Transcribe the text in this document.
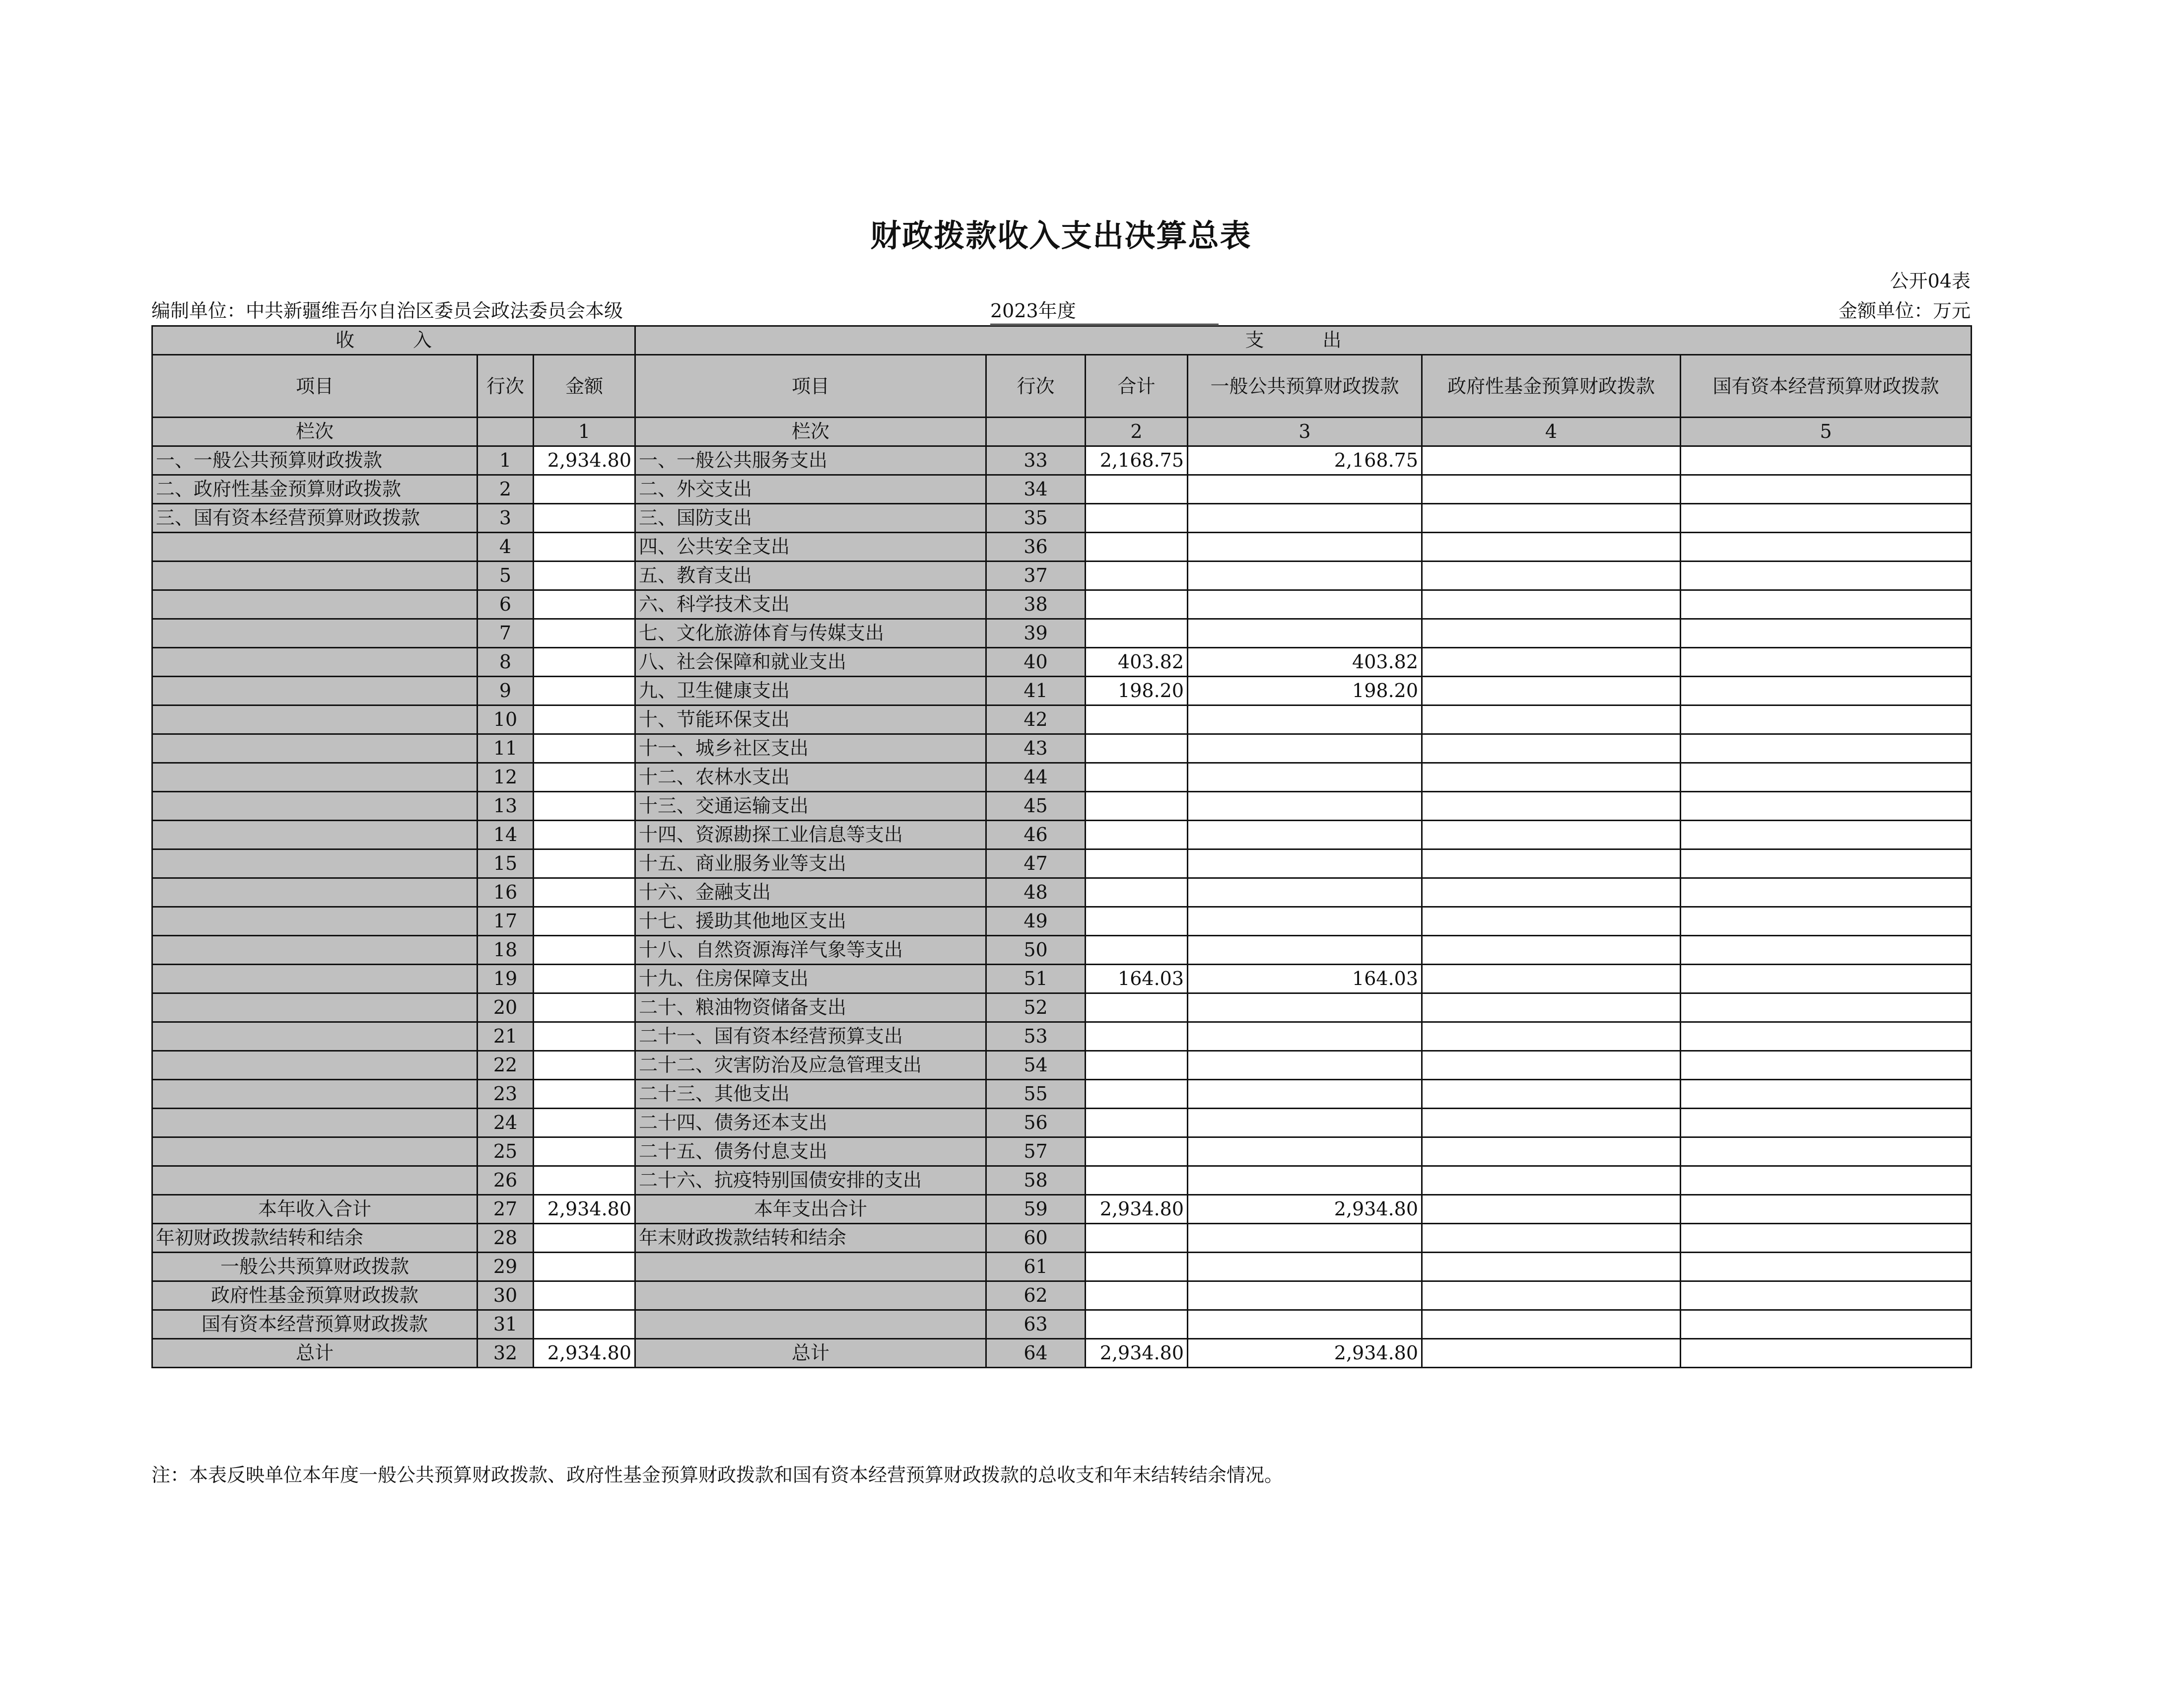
财政拨款收入支出决算总表
公开04表
编制单位：中共新疆维吾尔自治区委员会政法委员会本级	2023年度	金额单位：万元
收　入			支　出					
项目	行次	金额	项目	行次	合计	一般公共预算财政拨款	政府性基金预算财政拨款	国有资本经营预算财政拨款
栏次		1	栏次		2	3	4	5
一、一般公共预算财政拨款	1	2,934.80	一、一般公共服务支出	33	2,168.75	2,168.75		
二、政府性基金预算财政拨款	2		二、外交支出	34				
三、国有资本经营预算财政拨款	3		三、国防支出	35				
	4		四、公共安全支出	36				
	5		五、教育支出	37				
	6		六、科学技术支出	38				
	7		七、文化旅游体育与传媒支出	39				
	8		八、社会保障和就业支出	40	403.82	403.82		
	9		九、卫生健康支出	41	198.20	198.20		
	10		十、节能环保支出	42				
	11		十一、城乡社区支出	43				
	12		十二、农林水支出	44				
	13		十三、交通运输支出	45				
	14		十四、资源勘探工业信息等支出	46				
	15		十五、商业服务业等支出	47				
	16		十六、金融支出	48				
	17		十七、援助其他地区支出	49				
	18		十八、自然资源海洋气象等支出	50				
	19		十九、住房保障支出	51	164.03	164.03		
	20		二十、粮油物资储备支出	52				
	21		二十一、国有资本经营预算支出	53				
	22		二十二、灾害防治及应急管理支出	54				
	23		二十三、其他支出	55				
	24		二十四、债务还本支出	56				
	25		二十五、债务付息支出	57				
	26		二十六、抗疫特别国债安排的支出	58				
本年收入合计	27	2,934.80	本年支出合计	59	2,934.80	2,934.80		
年初财政拨款结转和结余	28		年末财政拨款结转和结余	60				
一般公共预算财政拨款	29			61				
政府性基金预算财政拨款	30			62				
国有资本经营预算财政拨款	31			63				
总计	32	2,934.80	总计	64	2,934.80	2,934.80		
注：本表反映单位本年度一般公共预算财政拨款、政府性基金预算财政拨款和国有资本经营预算财政拨款的总收支和年末结转结余情况。
